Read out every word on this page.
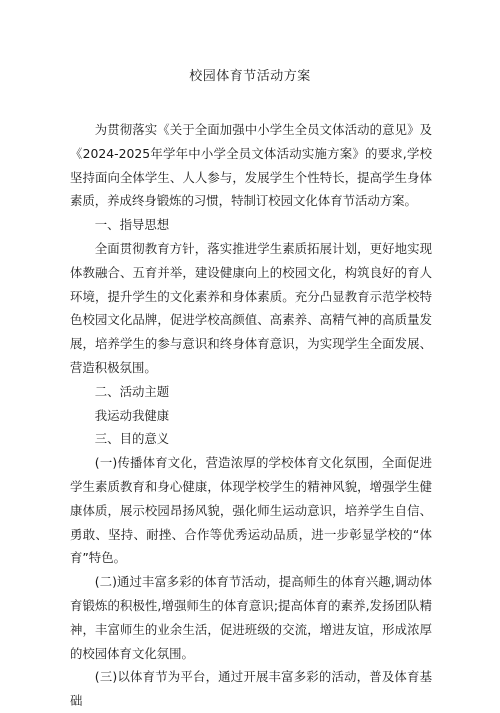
校园体育节活动方案

为贯彻落实《关于全面加强中小学生全员文体活动的意见》及《2024-2025年学年中小学全员文体活动实施方案》的要求,学校坚持面向全体学生、人人参与，发展学生个性特长，提高学生身体素质，养成终身锻炼的习惯，特制订校园文化体育节活动方案。

一、指导思想

全面贯彻教育方针，落实推进学生素质拓展计划，更好地实现体教融合、五育并举，建设健康向上的校园文化，构筑良好的育人环境，提升学生的文化素养和身体素质。充分凸显教育示范学校特色校园文化品牌，促进学校高颜值、高素养、高精气神的高质量发展，培养学生的参与意识和终身体育意识，为实现学生全面发展、营造积极氛围。

二、活动主题

我运动我健康

三、目的意义

(一)传播体育文化，营造浓厚的学校体育文化氛围，全面促进学生素质教育和身心健康，体现学校学生的精神风貌，增强学生健康体质，展示校园昂扬风貌，强化师生运动意识，培养学生自信、勇敢、坚持、耐挫、合作等优秀运动品质，进一步彰显学校的“体育”特色。

(二)通过丰富多彩的体育节活动，提高师生的体育兴趣,调动体育锻炼的积极性,增强师生的体育意识;提高体育的素养,发扬团队精神，丰富师生的业余生活，促进班级的交流，增进友谊，形成浓厚的校园体育文化氛围。

(三)以体育节为平台，通过开展丰富多彩的活动，普及体育基础
